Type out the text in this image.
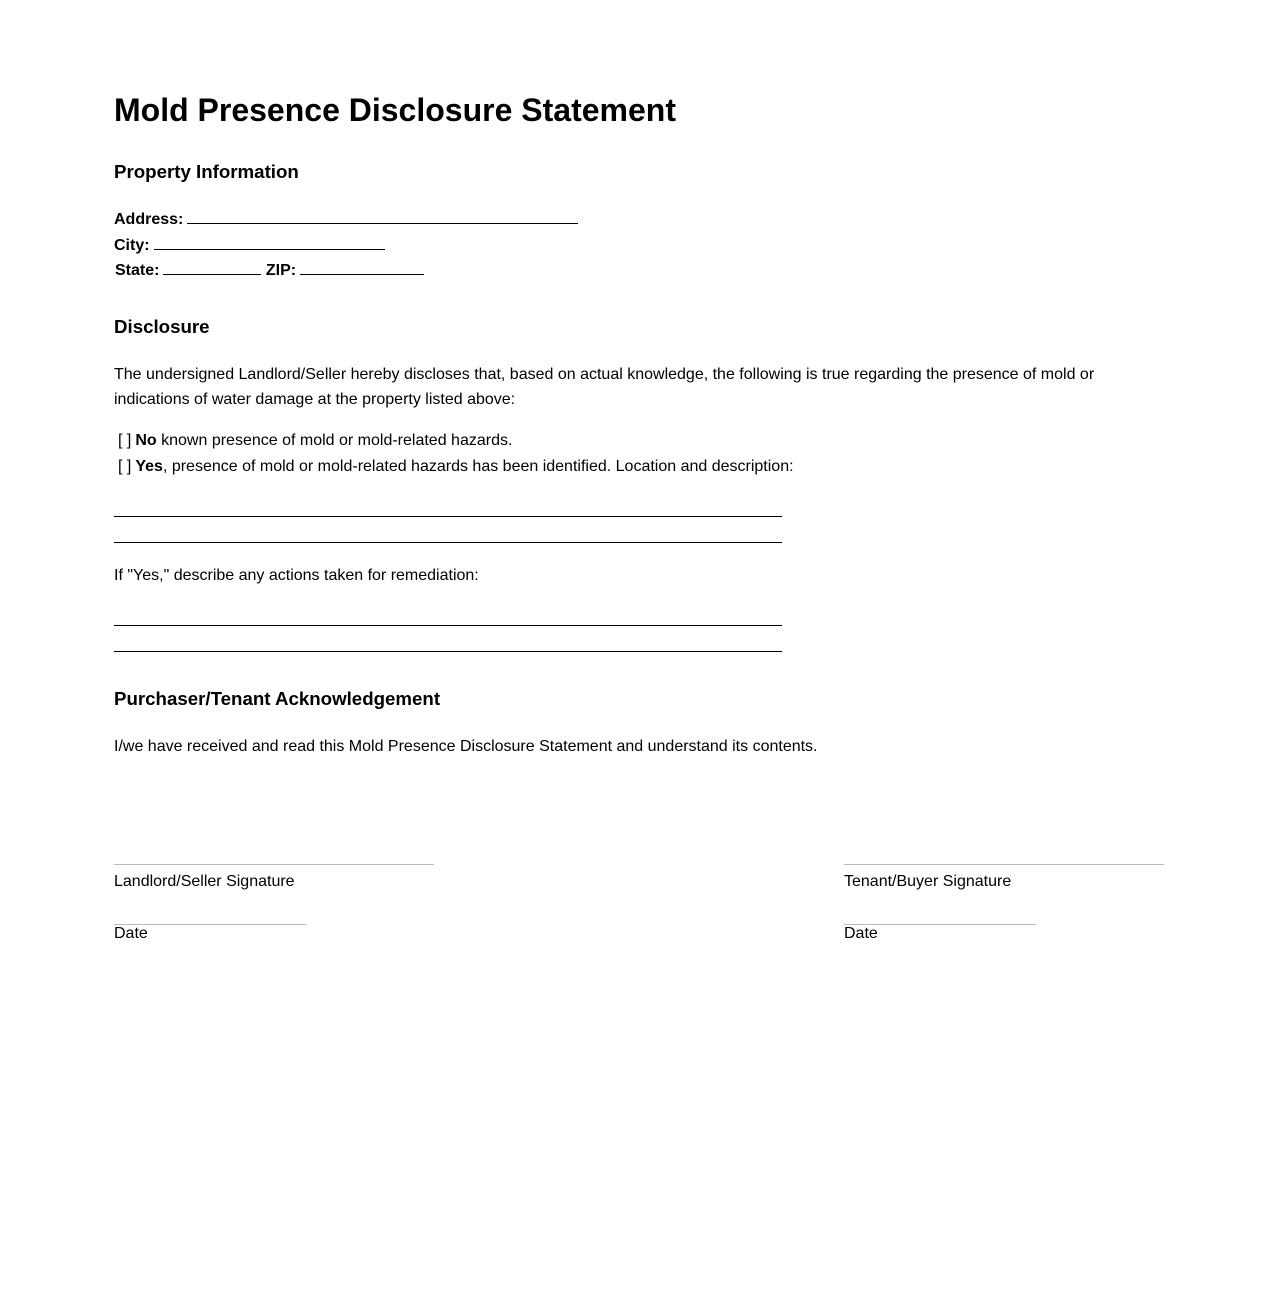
Mold Presence Disclosure Statement
Property Information
Address:
City:
State:	ZIP:
Disclosure
The undersigned Landlord/Seller hereby discloses that, based on actual knowledge, the following is true regarding the presence of mold or indications of water damage at the property listed above:
[ ] No known presence of mold or mold-related hazards.
[ ] Yes, presence of mold or mold-related hazards has been identified. Location and description:
If "Yes," describe any actions taken for remediation:
Purchaser/Tenant Acknowledgement
I/we have received and read this Mold Presence Disclosure Statement and understand its contents.
Landlord/Seller Signature
Date
Tenant/Buyer Signature
Date
